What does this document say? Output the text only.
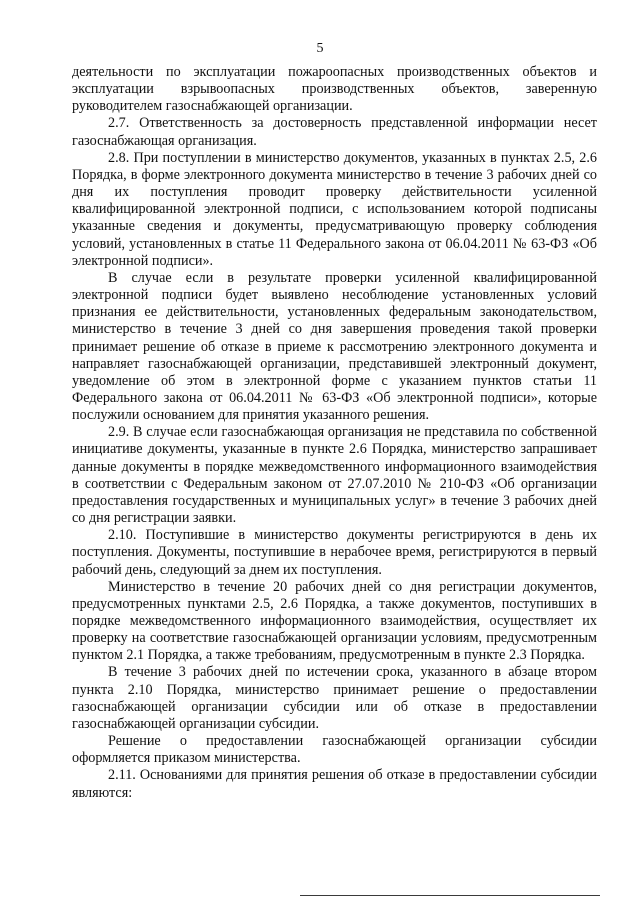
5

деятельности по эксплуатации пожароопасных производственных объектов и эксплуатации взрывоопасных производственных объектов, заверенную руководителем газоснабжающей организации.

2.7. Ответственность за достоверность представленной информации несет газоснабжающая организация.

2.8. При поступлении в министерство документов, указанных в пунктах 2.5, 2.6 Порядка, в форме электронного документа министерство в течение 3 рабочих дней со дня их поступления проводит проверку действительности усиленной квалифицированной электронной подписи, с использованием которой подписаны указанные сведения и документы, предусматривающую проверку соблюдения условий, установленных в статье 11 Федерального закона от 06.04.2011 № 63-ФЗ «Об электронной подписи».

В случае если в результате проверки усиленной квалифицированной электронной подписи будет выявлено несоблюдение установленных условий признания ее действительности, установленных федеральным законодательством, министерство в течение 3 дней со дня завершения проведения такой проверки принимает решение об отказе в приеме к рассмотрению электронного документа и направляет газоснабжающей организации, представившей электронный документ, уведомление об этом в электронной форме с указанием пунктов статьи 11 Федерального закона от 06.04.2011 № 63-ФЗ «Об электронной подписи», которые послужили основанием для принятия указанного решения.

2.9. В случае если газоснабжающая организация не представила по собственной инициативе документы, указанные в пункте 2.6 Порядка, министерство запрашивает данные документы в порядке межведомственного информационного взаимодействия в соответствии с Федеральным законом от 27.07.2010 № 210-ФЗ «Об организации предоставления государственных и муниципальных услуг» в течение 3 рабочих дней со дня регистрации заявки.

2.10. Поступившие в министерство документы регистрируются в день их поступления. Документы, поступившие в нерабочее время, регистрируются в первый рабочий день, следующий за днем их поступления.

Министерство в течение 20 рабочих дней со дня регистрации документов, предусмотренных пунктами 2.5, 2.6 Порядка, а также документов, поступивших в порядке межведомственного информационного взаимодействия, осуществляет их проверку на соответствие газоснабжающей организации условиям, предусмотренным пунктом 2.1 Порядка, а также требованиям, предусмотренным в пункте 2.3 Порядка.

В течение 3 рабочих дней по истечении срока, указанного в абзаце втором пункта 2.10 Порядка, министерство принимает решение о предоставлении газоснабжающей организации субсидии или об отказе в предоставлении газоснабжающей организации субсидии.

Решение о предоставлении газоснабжающей организации субсидии оформляется приказом министерства.

2.11. Основаниями для принятия решения об отказе в предоставлении субсидии являются:
